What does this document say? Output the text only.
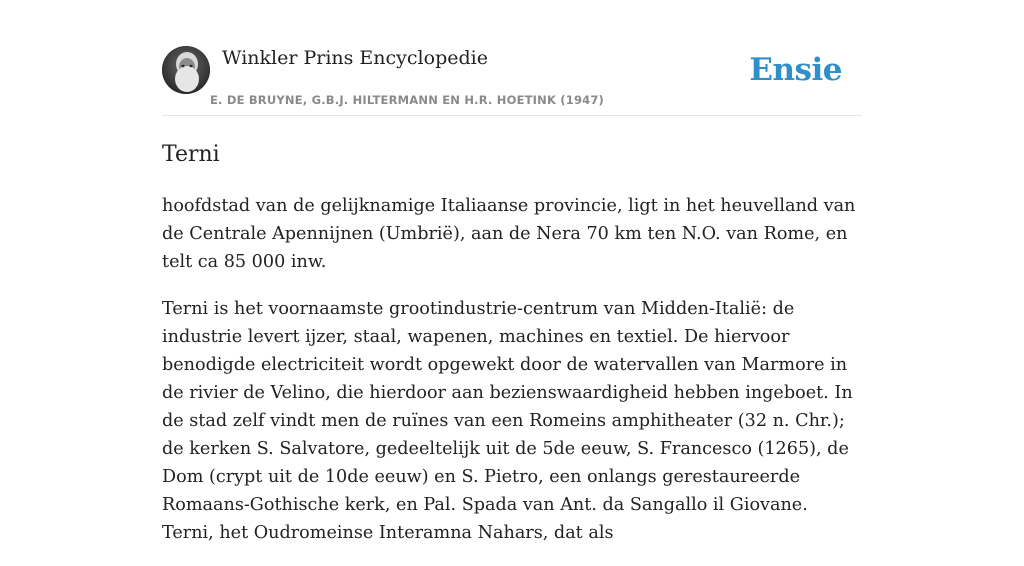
Winkler Prins Encyclopedie
E. DE BRUYNE, G.B.J. HILTERMANN EN H.R. HOETINK (1947)
Ensie
Terni

hoofdstad van de gelijknamige Italiaanse provincie, ligt in het heuvelland van de Centrale Apennijnen (Umbrië), aan de Nera 70 km ten N.O. van Rome, en telt ca 85 000 inw.

Terni is het voornaamste grootindustrie-centrum van Midden-Italië: de industrie levert ijzer, staal, wapenen, machines en textiel. De hiervoor benodigde electriciteit wordt opgewekt door de watervallen van Marmore in de rivier de Velino, die hierdoor aan bezienswaardigheid hebben ingeboet. In de stad zelf vindt men de ruïnes van een Romeins amphitheater (32 n. Chr.); de kerken S. Salvatore, gedeeltelijk uit de 5de eeuw, S. Francesco (1265), de Dom (crypt uit de 10de eeuw) en S. Pietro, een onlangs gerestaureerde Romaans-Gothische kerk, en Pal. Spada van Ant. da Sangallo il Giovane. Terni, het Oudromeinse Interamna Nahars, dat als
